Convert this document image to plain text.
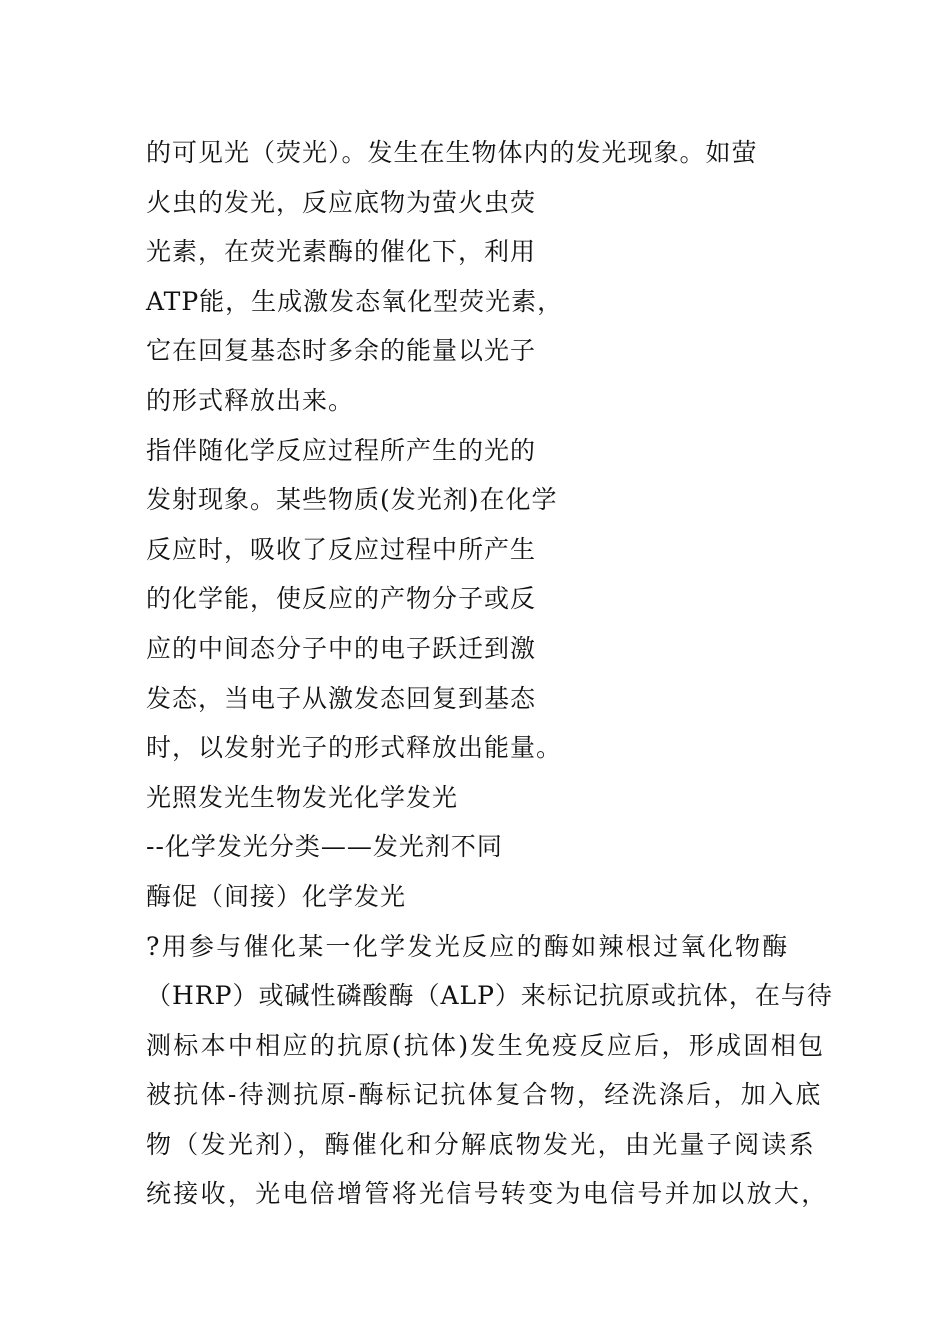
的可见光（荧光）。发生在生物体内的发光现象。如萤
火虫的发光，反应底物为萤火虫荧
光素，在荧光素酶的催化下，利用
ATP能，生成激发态氧化型荧光素，
它在回复基态时多余的能量以光子
的形式释放出来。
指伴随化学反应过程所产生的光的
发射现象。某些物质(发光剂)在化学
反应时，吸收了反应过程中所产生
的化学能，使反应的产物分子或反
应的中间态分子中的电子跃迁到激
发态，当电子从激发态回复到基态
时，以发射光子的形式释放出能量。
光照发光生物发光化学发光
--化学发光分类——发光剂不同
酶促（间接）化学发光
?用参与催化某一化学发光反应的酶如辣根过氧化物酶
（HRP）或碱性磷酸酶（ALP）来标记抗原或抗体，在与待
测标本中相应的抗原(抗体)发生免疫反应后，形成固相包
被抗体-待测抗原-酶标记抗体复合物，经洗涤后，加入底
物（发光剂），酶催化和分解底物发光，由光量子阅读系
统接收，光电倍增管将光信号转变为电信号并加以放大，
